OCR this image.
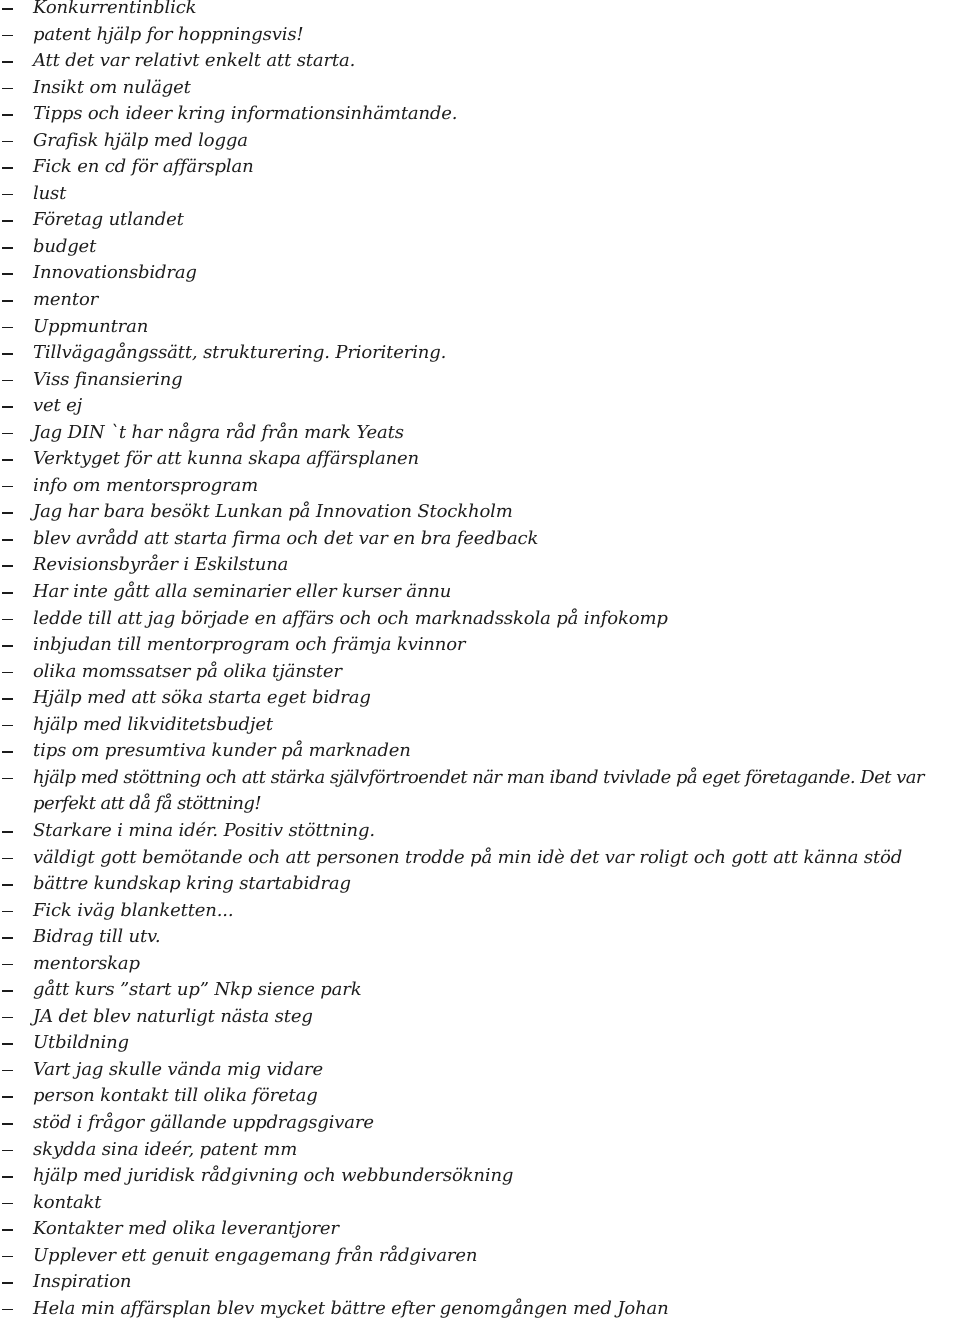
Konkurrentinblick
patent hjälp for hoppningsvis!
Att det var relativt enkelt att starta.
Insikt om nuläget
Tipps och ideer kring informationsinhämtande.
Grafisk hjälp med logga
Fick en cd för affärsplan
lust
Företag utlandet
budget
Innovationsbidrag
mentor
Uppmuntran
Tillvägagångssätt, strukturering. Prioritering.
Viss finansiering
vet ej
Jag DIN `t har några råd från mark Yeats
Verktyget för att kunna skapa affärsplanen
info om mentorsprogram
Jag har bara besökt Lunkan på Innovation Stockholm
blev avrådd att starta firma och det var en bra feedback
Revisionsbyråer i Eskilstuna
Har inte gått alla seminarier eller kurser ännu
ledde till att jag började en affärs och och marknadsskola på infokomp
inbjudan till mentorprogram och främja kvinnor
olika momssatser på olika tjänster
Hjälp med att söka starta eget bidrag
hjälp med likviditetsbudjet
tips om presumtiva kunder på marknaden
hjälp med stöttning och att stärka självförtroendet när man iband tvivlade på eget företagande. Det var perfekt att då få stöttning!
Starkare i mina idér. Positiv stöttning.
väldigt gott bemötande och att personen trodde på min idè det var roligt och gott att känna stöd
bättre kundskap kring startabidrag
Fick iväg blanketten...
Bidrag till utv.
mentorskap
gått kurs ”start up” Nkp sience park
JA det blev naturligt nästa steg
Utbildning
Vart jag skulle vända mig vidare
person kontakt till olika företag
stöd i frågor gällande uppdragsgivare
skydda sina ideér, patent mm
hjälp med juridisk rådgivning och webbundersökning
kontakt
Kontakter med olika leverantjorer
Upplever ett genuit engagemang från rådgivaren
Inspiration
Hela min affärsplan blev mycket bättre efter genomgången med Johan
